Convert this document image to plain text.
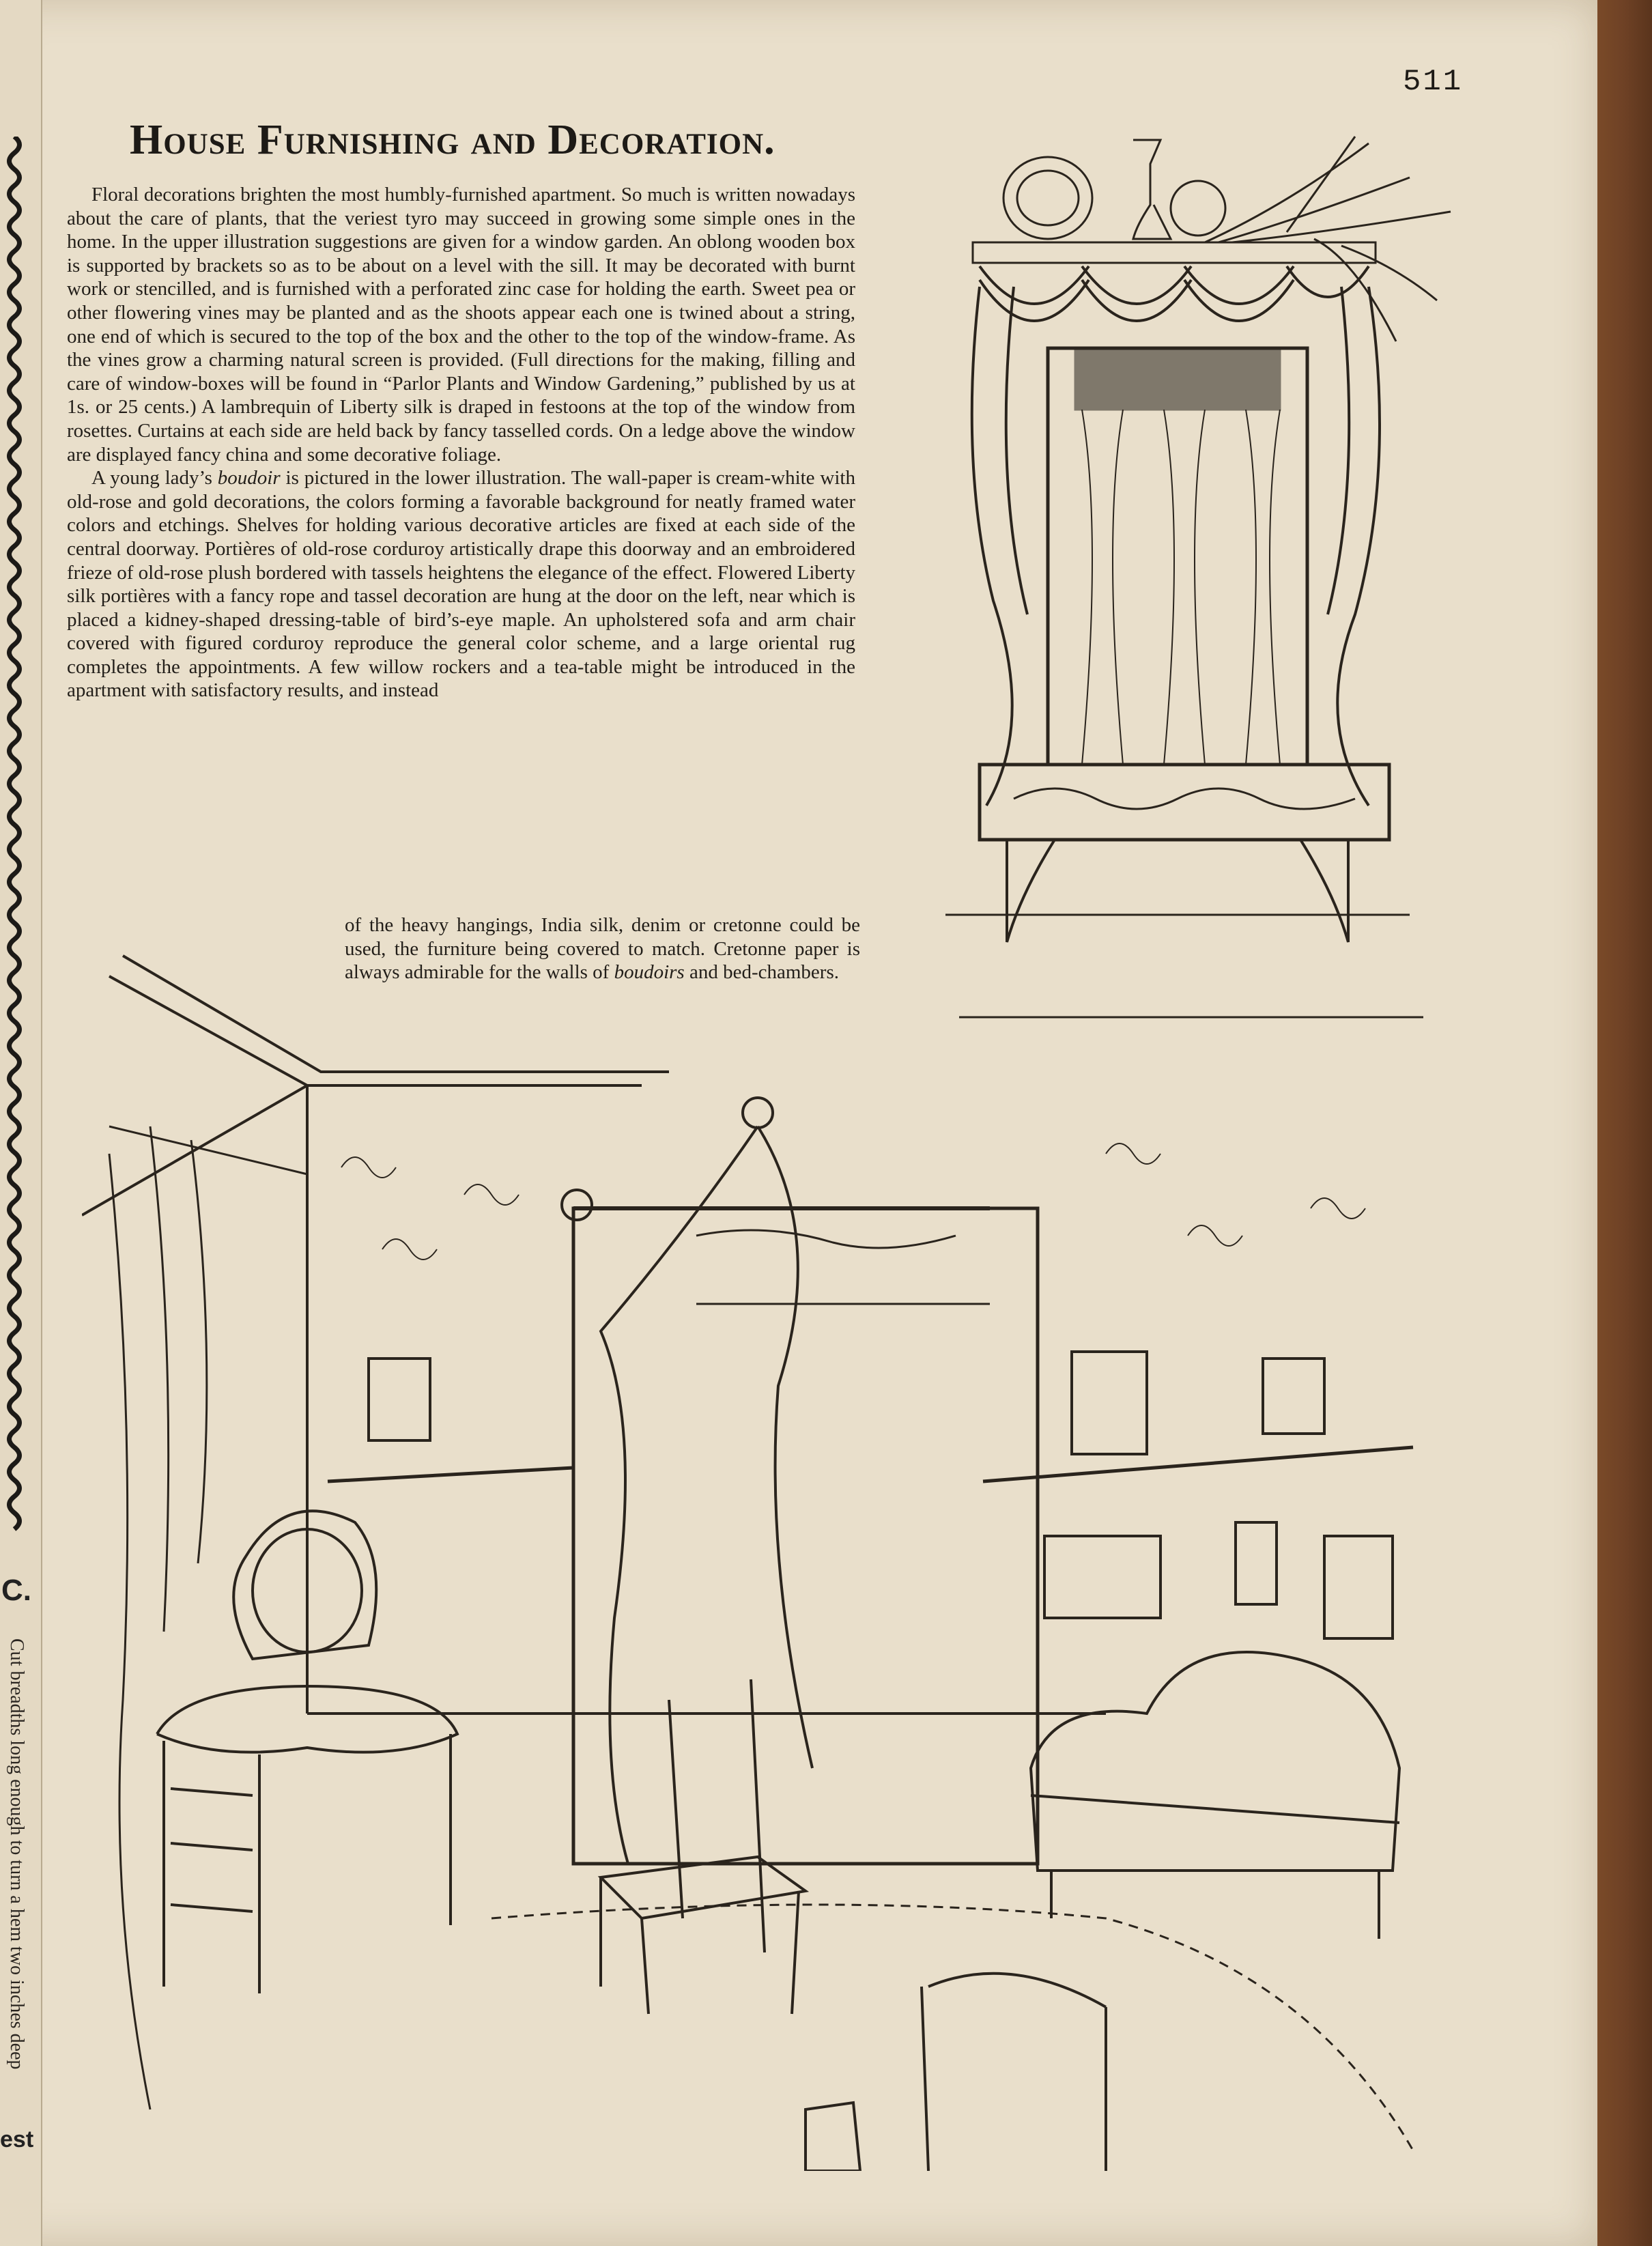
C.
Cut breadths long enough to turn a hem two inches deep
est
511
House Furnishing and Decoration.

Floral decorations brighten the most humbly-furnished apartment. So much is written nowadays about the care of plants, that the veriest tyro may succeed in growing some simple ones in the home. In the upper illustration suggestions are given for a window garden. An oblong wooden box is supported by brackets so as to be about on a level with the sill. It may be decorated with burnt work or stencilled, and is furnished with a perforated zinc case for holding the earth. Sweet pea or other flowering vines may be planted and as the shoots appear each one is twined about a string, one end of which is secured to the top of the box and the other to the top of the window-frame. As the vines grow a charming natural screen is provided. (Full directions for the making, filling and care of window-boxes will be found in “Parlor Plants and Window Gardening,” published by us at 1s. or 25 cents.) A lambrequin of Liberty silk is draped in festoons at the top of the window from rosettes. Curtains at each side are held back by fancy tasselled cords. On a ledge above the window are displayed fancy china and some decorative foliage.

A young lady’s boudoir is pictured in the lower illustration. The wall-paper is cream-white with old-rose and gold decorations, the colors forming a favorable background for neatly framed water colors and etchings. Shelves for holding various decorative articles are fixed at each side of the central doorway. Portières of old-rose corduroy artistically drape this doorway and an embroidered frieze of old-rose plush bordered with tassels heightens the elegance of the effect. Flowered Liberty silk portières with a fancy rope and tassel decoration are hung at the door on the left, near which is placed a kidney-shaped dressing-table of bird’s-eye maple. An upholstered sofa and arm chair covered with figured corduroy reproduce the general color scheme, and a large oriental rug completes the appointments. A few willow rockers and a tea-table might be introduced in the apartment with satisfactory results, and instead

of the heavy hangings, India silk, denim or cretonne could be used, the furniture being covered to match. Cretonne paper is always admirable for the walls of boudoirs and bed-chambers.
